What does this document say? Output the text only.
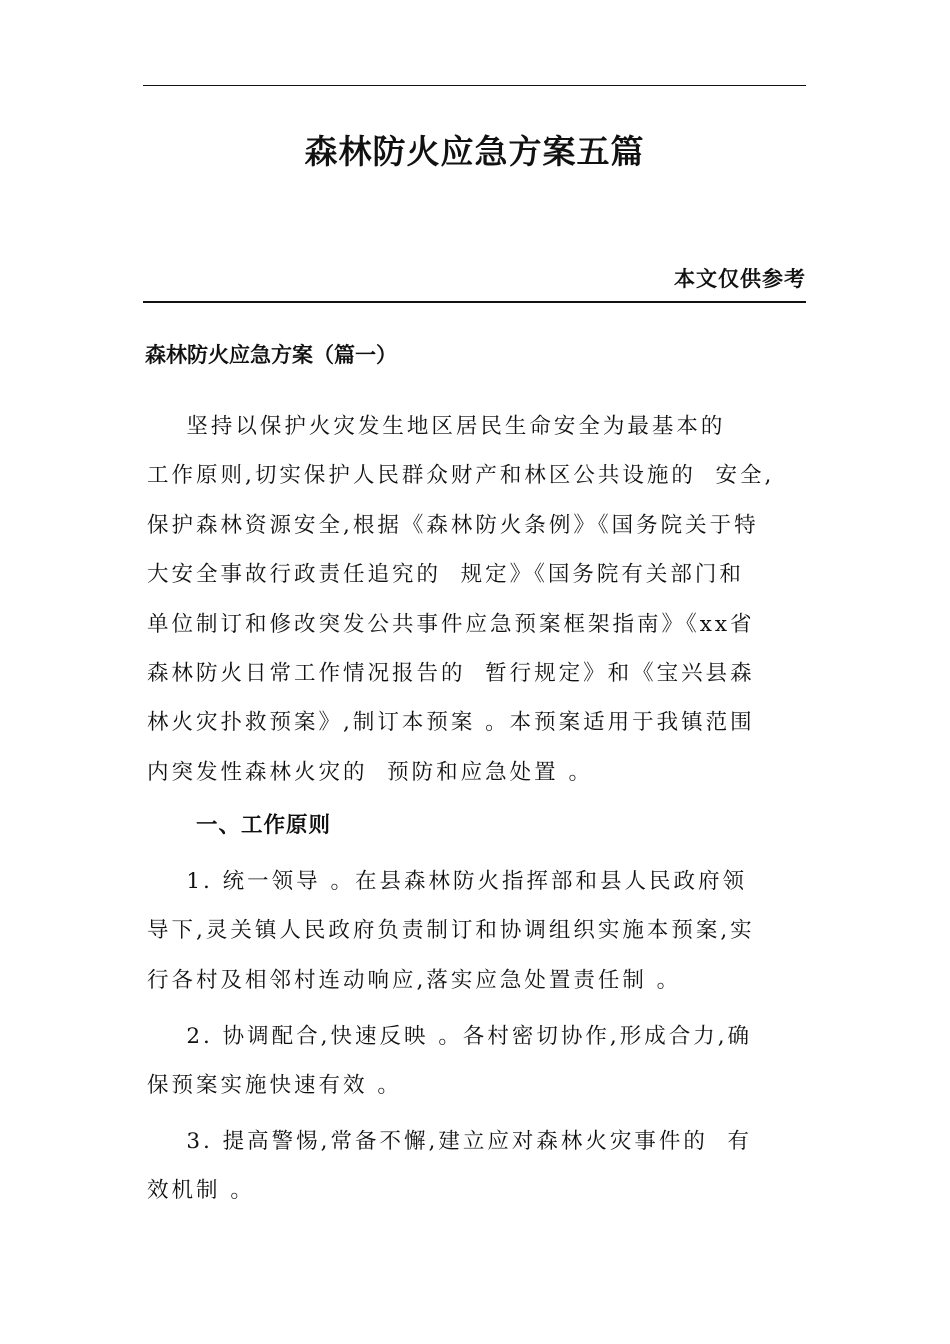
森林防火应急方案五篇
本文仅供参考
森林防火应急方案（篇一）
坚持以保护火灾发生地区居民生命安全为最基本的
工作原则,切实保护人民群众财产和林区公共设施的  安全,
保护森林资源安全,根据《森林防火条例》《国务院关于特
大安全事故行政责任追究的  规定》《国务院有关部门和
单位制订和修改突发公共事件应急预案框架指南》《xx省
森林防火日常工作情况报告的  暂行规定》和《宝兴县森
林火灾扑救预案》,制订本预案 。本预案适用于我镇范围
内突发性森林火灾的  预防和应急处置 。
一、工作原则
1. 统一领导 。在县森林防火指挥部和县人民政府领
导下,灵关镇人民政府负责制订和协调组织实施本预案,实
行各村及相邻村连动响应,落实应急处置责任制 。
2. 协调配合,快速反映 。各村密切协作,形成合力,确
保预案实施快速有效 。
3. 提高警惕,常备不懈,建立应对森林火灾事件的  有
效机制 。
